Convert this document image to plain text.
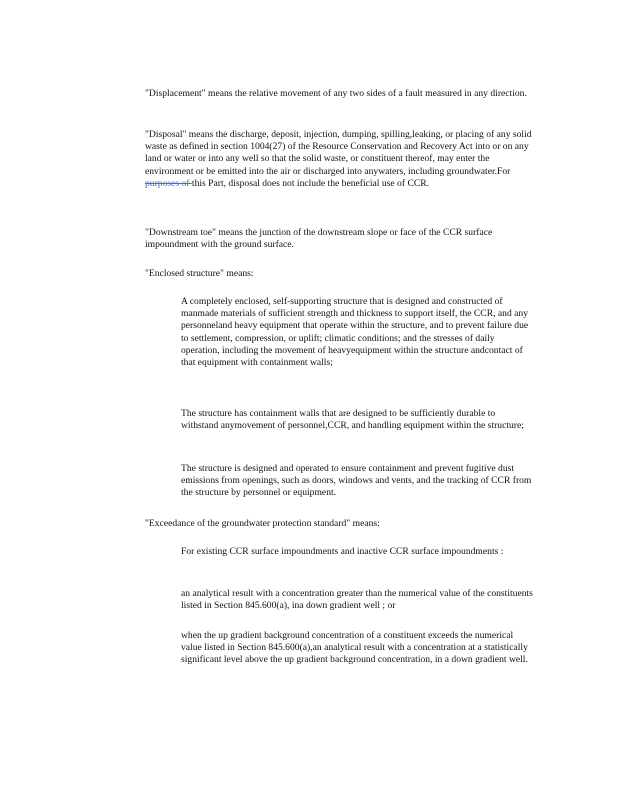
"Displacement" means the relative movement of any two sides of a fault measured in any direction.

"Disposal" means the discharge, deposit, injection, dumping, spilling,leaking, or placing of any solid waste as defined in section 1004(27) of the Resource Conservation and Recovery Act into or on any land or water or into any well so that the solid waste, or constituent thereof, may enter the environment or be emitted into the air or discharged into anywaters, including groundwater.For purposes of this Part, disposal does not include the beneficial use of CCR.

"Downstream toe" means the junction of the downstream slope or face of the CCR surface impoundment with the ground surface.

"Enclosed structure" means:

A completely enclosed, self-supporting structure that is designed and constructed of manmade materials of sufficient strength and thickness to support itself, the CCR, and any personneland heavy equipment that operate within the structure, and to prevent failure due to settlement, compression, or uplift; climatic conditions; and the stresses of daily operation, including the movement of heavyequipment within the structure andcontact of that equipment with containment walls;

The structure has containment walls that are designed to be sufficiently durable to withstand anymovement of personnel,CCR, and handling equipment within the structure;

The structure is designed and operated to ensure containment and prevent fugitive dust emissions from openings, such as doors, windows and vents, and the tracking of CCR from the structure by personnel or equipment.

"Exceedance of the groundwater protection standard" means:

For existing CCR surface impoundments and inactive CCR surface impoundments :

an analytical result with a concentration greater than the numerical value of the constituents listed in Section 845.600(a), ina down gradient well ; or

when the up gradient background concentration of a constituent exceeds the numerical value listed in Section 845.600(a),an analytical result with a concentration at a statistically significant level above the up gradient background concentration, in a down gradient well.
